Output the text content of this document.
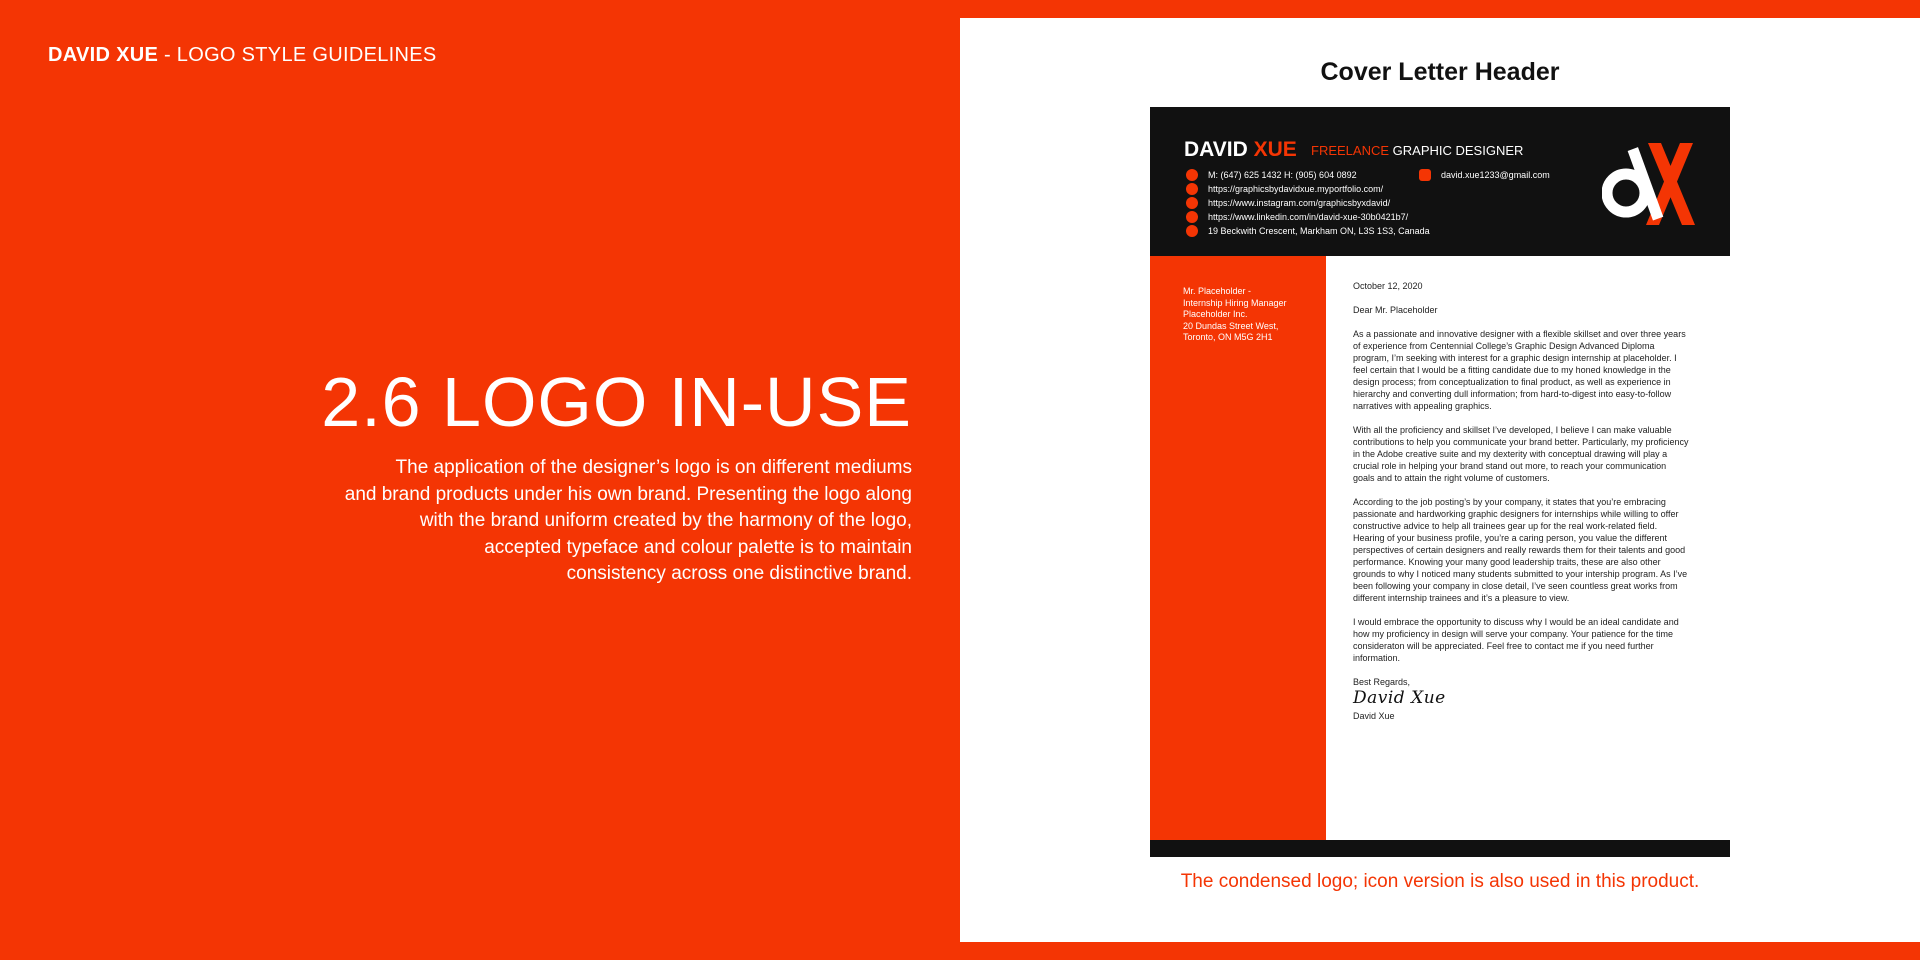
DAVID XUE - LOGO STYLE GUIDELINES
2.6 LOGO IN-USE
The application of the designer’s logo is on different mediums
and brand products under his own brand. Presenting the logo along
with the brand uniform created by the harmony of the logo,
accepted typeface and colour palette is to maintain
consistency across one distinctive brand.
Cover Letter Header
DAVID XUE FREELANCE GRAPHIC DESIGNER
M: (647) 625 1432 H: (905) 604 0892	david.xue1233@gmail.com
https://graphicsbydavidxue.myportfolio.com/
https://www.instagram.com/graphicsbyxdavid/
https://www.linkedin.com/in/david-xue-30b0421b7/
19 Beckwith Crescent, Markham ON, L3S 1S3, Canada
Mr. Placeholder -
Internship Hiring Manager
Placeholder Inc.
20 Dundas Street West,
Toronto, ON M5G 2H1

October 12, 2020

Dear Mr. Placeholder

As a passionate and innovative designer with a flexible skillset and over three years of experience from Centennial College’s Graphic Design Advanced Diploma program, I’m seeking with interest for a graphic design internship at placeholder. I feel certain that I would be a fitting candidate due to my honed knowledge in the design process; from conceptualization to final product, as well as experience in hierarchy and converting dull information; from hard-to-digest into easy-to-follow narratives with appealing graphics.

With all the proficiency and skillset I’ve developed, I believe I can make valuable contributions to help you communicate your brand better. Particularly, my proficiency in the Adobe creative suite and my dexterity with conceptual drawing will play a crucial role in helping your brand stand out more, to reach your communication goals and to attain the right volume of customers.

According to the job posting’s by your company, it states that you’re embracing passionate and hardworking graphic designers for internships while willing to offer constructive advice to help all trainees gear up for the real work-related field. Hearing of your business profile, you’re a caring person, you value the different perspectives of certain designers and really rewards them for their talents and good performance. Knowing your many good leadership traits, these are also other grounds to why I noticed many students submitted to your intership program. As I’ve been following your company in close detail, I’ve seen countless great works from different internship trainees and it’s a pleasure to view.

I would embrace the opportunity to discuss why I would be an ideal candidate and how my proficiency in design will serve your company. Your patience for the time consideraton will be appreciated. Feel free to contact me if you need further information.

Best Regards,
David Xue
David Xue

The condensed logo; icon version is also used in this product.
